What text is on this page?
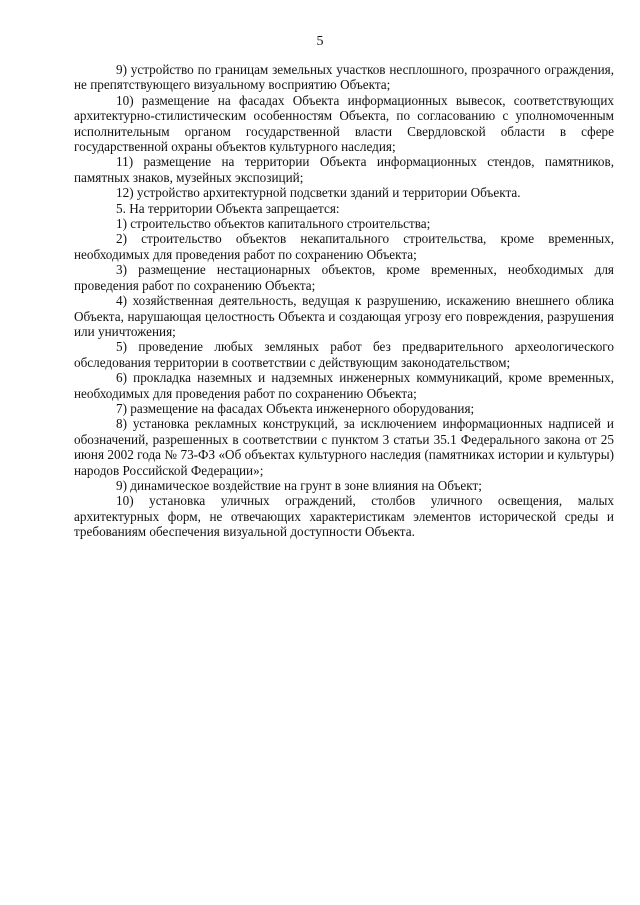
5

9) устройство по границам земельных участков несплошного, прозрачного ограждения, не препятствующего визуальному восприятию Объекта;

10) размещение на фасадах Объекта информационных вывесок, соответствующих архитектурно-стилистическим особенностям Объекта, по согласованию с уполномоченным исполнительным органом государственной власти Свердловской области в сфере государственной охраны объектов культурного наследия;

11) размещение на территории Объекта информационных стендов, памятников, памятных знаков, музейных экспозиций;

12) устройство архитектурной подсветки зданий и территории Объекта.

5. На территории Объекта запрещается:

1) строительство объектов капитального строительства;

2) строительство объектов некапитального строительства, кроме временных, необходимых для проведения работ по сохранению Объекта;

3) размещение нестационарных объектов, кроме временных, необходимых для проведения работ по сохранению Объекта;

4) хозяйственная деятельность, ведущая к разрушению, искажению внешнего облика Объекта, нарушающая целостность Объекта и создающая угрозу его повреждения, разрушения или уничтожения;

5) проведение любых земляных работ без предварительного археологического обследования территории в соответствии с действующим законодательством;

6) прокладка наземных и надземных инженерных коммуникаций, кроме временных, необходимых для проведения работ по сохранению Объекта;

7) размещение на фасадах Объекта инженерного оборудования;

8) установка рекламных конструкций, за исключением информационных надписей и обозначений, разрешенных в соответствии с пунктом 3 статьи 35.1 Федерального закона от 25 июня 2002 года № 73-ФЗ «Об объектах культурного наследия (памятниках истории и культуры) народов Российской Федерации»;

9) динамическое воздействие на грунт в зоне влияния на Объект;

10) установка уличных ограждений, столбов уличного освещения, малых архитектурных форм, не отвечающих характеристикам элементов исторической среды и требованиям обеспечения визуальной доступности Объекта.
